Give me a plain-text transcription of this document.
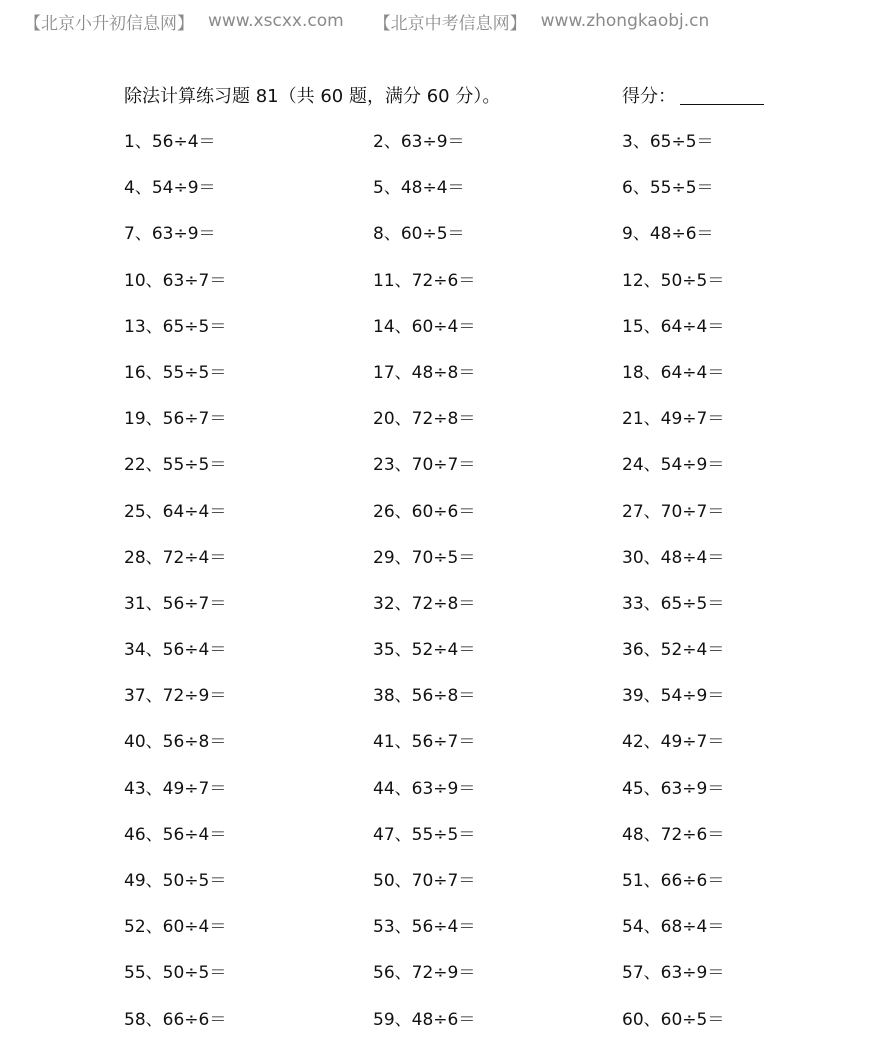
【北京小升初信息网】 www.xscxx.com 【北京中考信息网】 www.zhongkaobj.cn
除法计算练习题 81（共 60 题，满分 60 分）。	得分：
1、56÷4＝	2、63÷9＝	3、65÷5＝
4、54÷9＝	5、48÷4＝	6、55÷5＝
7、63÷9＝	8、60÷5＝	9、48÷6＝
10、63÷7＝	11、72÷6＝	12、50÷5＝
13、65÷5＝	14、60÷4＝	15、64÷4＝
16、55÷5＝	17、48÷8＝	18、64÷4＝
19、56÷7＝	20、72÷8＝	21、49÷7＝
22、55÷5＝	23、70÷7＝	24、54÷9＝
25、64÷4＝	26、60÷6＝	27、70÷7＝
28、72÷4＝	29、70÷5＝	30、48÷4＝
31、56÷7＝	32、72÷8＝	33、65÷5＝
34、56÷4＝	35、52÷4＝	36、52÷4＝
37、72÷9＝	38、56÷8＝	39、54÷9＝
40、56÷8＝	41、56÷7＝	42、49÷7＝
43、49÷7＝	44、63÷9＝	45、63÷9＝
46、56÷4＝	47、55÷5＝	48、72÷6＝
49、50÷5＝	50、70÷7＝	51、66÷6＝
52、60÷4＝	53、56÷4＝	54、68÷4＝
55、50÷5＝	56、72÷9＝	57、63÷9＝
58、66÷6＝	59、48÷6＝	60、60÷5＝
